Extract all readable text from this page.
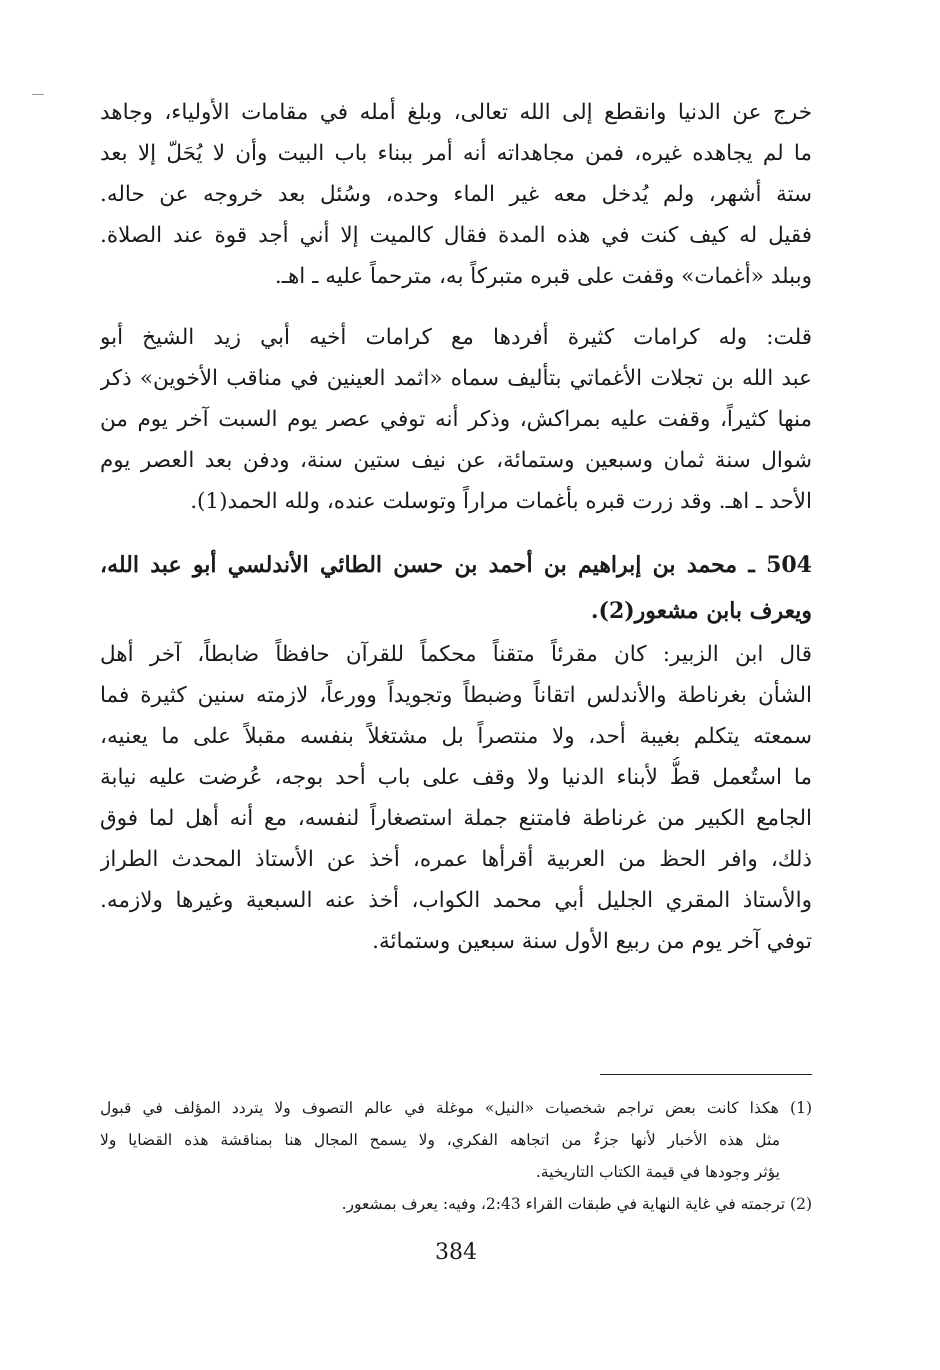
خرج عن الدنيا وانقطع إلى الله تعالى، وبلغ أمله في مقامات الأولياء، وجاهد
ما لم يجاهده غيره، فمن مجاهداته أنه أمر ببناء باب البيت وأن لا يُحَلّ إلا بعد
ستة أشهر، ولم يُدخل معه غير الماء وحده، وسُئل بعد خروجه عن حاله.
فقيل له كيف كنت في هذه المدة فقال كالميت إلا أني أجد قوة عند الصلاة.
وببلد «أغمات» وقفت على قبره متبركاً به، مترحماً عليه ـ اهـ.
قلت: وله كرامات كثيرة أفردها مع كرامات أخيه أبي زيد الشيخ أبو
عبد الله بن تجلات الأغماتي بتأليف سماه «اثمد العينين في مناقب الأخوين» ذكر
منها كثيراً، وقفت عليه بمراكش، وذكر أنه توفي عصر يوم السبت آخر يوم من
شوال سنة ثمان وسبعين وستمائة، عن نيف ستين سنة، ودفن بعد العصر يوم
الأحد ـ اهـ. وقد زرت قبره بأغمات مراراً وتوسلت عنده، ولله الحمد(1).
504 ـ محمد بن إبراهيم بن أحمد بن حسن الطائي الأندلسي أبو عبد الله،
ويعرف بابن مشعور(2).
قال ابن الزبير: كان مقرئاً متقناً محكماً للقرآن حافظاً ضابطاً، آخر أهل
الشأن بغرناطة والأندلس اتقاناً وضبطاً وتجويداً وورعاً، لازمته سنين كثيرة فما
سمعته يتكلم بغيبة أحد، ولا منتصراً بل مشتغلاً بنفسه مقبلاً على ما يعنيه،
ما استُعمل قطُّ لأبناء الدنيا ولا وقف على باب أحد بوجه، عُرضت عليه نيابة
الجامع الكبير من غرناطة فامتنع جملة استصغاراً لنفسه، مع أنه أهل لما فوق
ذلك، وافر الحظ من العربية أقرأها عمره، أخذ عن الأستاذ المحدث الطراز
والأستاذ المقري الجليل أبي محمد الكواب، أخذ عنه السبعية وغيرها ولازمه.
توفي آخر يوم من ربيع الأول سنة سبعين وستمائة.
(1) هكذا كانت بعض تراجم شخصيات «النيل» موغلة في عالم التصوف ولا يتردد المؤلف في قبول
مثل هذه الأخبار لأنها جزءٌ من اتجاهه الفكري، ولا يسمح المجال هنا بمناقشة هذه القضايا ولا
يؤثر وجودها في قيمة الكتاب التاريخية.
(2) ترجمته في غاية النهاية في طبقات القراء 2:43، وفيه: يعرف بمشعور.
384
